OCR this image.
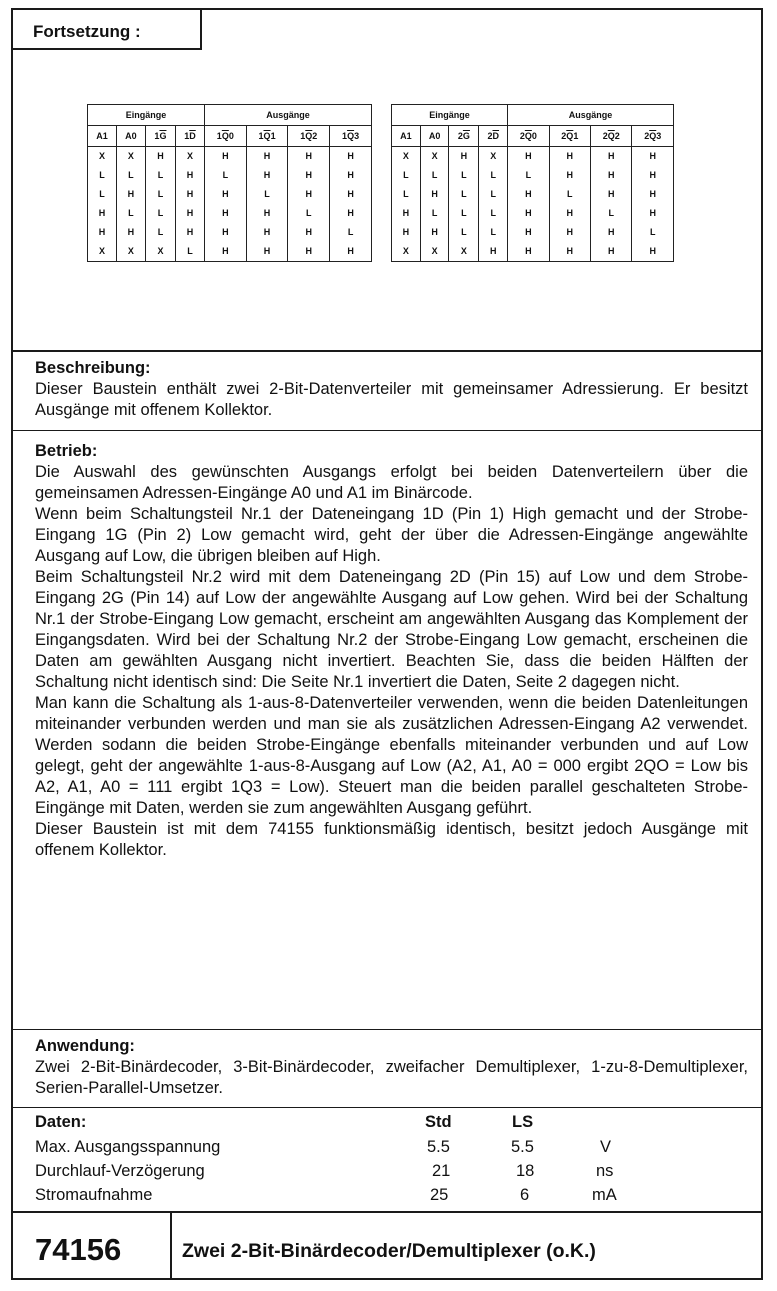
Fortsetzung :
Eingänge				Ausgänge			
A1	A0	$1\overline{G}$	$1\overline{D}$	$1\overline{Q}0$	$1\overline{Q}1$	$1\overline{Q}2$	$1\overline{Q}3$
X	X	H	X	H	H	H	H
L	L	L	H	L	H	H	H
L	H	L	H	H	L	H	H
H	L	L	H	H	H	L	H
H	H	L	H	H	H	H	L
X	X	X	L	H	H	H	H
Eingänge				Ausgänge			
A1	A0	$2\overline{G}$	$2\overline{D}$	$2\overline{Q}0$	$2\overline{Q}1$	$2\overline{Q}2$	$2\overline{Q}3$
X	X	H	X	H	H	H	H
L	L	L	L	L	H	H	H
L	H	L	L	H	L	H	H
H	L	L	L	H	H	L	H
H	H	L	L	H	H	H	L
X	X	X	H	H	H	H	H
Beschreibung:

Dieser Baustein enthält zwei 2-Bit-Datenverteiler mit gemeinsamer Adressierung. Er besitzt Ausgänge mit offenem Kollektor.

Betrieb:

Die Auswahl des gewünschten Ausgangs erfolgt bei beiden Datenverteilern über die gemeinsamen Adressen-Eingänge A0 und A1 im Binärcode.

Wenn beim Schaltungsteil Nr.1 der Dateneingang 1D (Pin 1) High gemacht und der Strobe-Eingang 1G (Pin 2) Low gemacht wird, geht der über die Adressen-Eingänge angewählte Ausgang auf Low, die übrigen bleiben auf High.

Beim Schaltungsteil Nr.2 wird mit dem Dateneingang 2D (Pin 15) auf Low und dem Strobe-Eingang 2G (Pin 14) auf Low der angewählte Ausgang auf Low gehen. Wird bei der Schaltung Nr.1 der Strobe-Eingang Low gemacht, erscheint am angewählten Ausgang das Komplement der Eingangsdaten. Wird bei der Schaltung Nr.2 der Strobe-Eingang Low gemacht, erscheinen die Daten am gewählten Ausgang nicht invertiert. Beachten Sie, dass die beiden Hälften der Schaltung nicht identisch sind: Die Seite Nr.1 invertiert die Daten, Seite 2 dagegen nicht.

Man kann die Schaltung als 1-aus-8-Datenverteiler verwenden, wenn die beiden Datenleitungen miteinander verbunden werden und man sie als zusätzlichen Adressen-Eingang A2 verwendet. Werden sodann die beiden Strobe-Eingänge ebenfalls miteinander verbunden und auf Low gelegt, geht der angewählte 1-aus-8-Ausgang auf Low (A2, A1, A0 = 000 ergibt 2QO = Low bis A2, A1, A0 = 111 ergibt 1Q3 = Low). Steuert man die beiden parallel geschalteten Strobe-Eingänge mit Daten, werden sie zum angewählten Ausgang geführt.

Dieser Baustein ist mit dem 74155 funktionsmäßig identisch, besitzt jedoch Ausgänge mit offenem Kollektor.

Anwendung:

Zwei 2-Bit-Binärdecoder, 3-Bit-Binärdecoder, zweifacher Demultiplexer, 1-zu-8-Demultiplexer, Serien-Parallel-Umsetzer.

Daten:	Std	LS
Max. Ausgangsspannung	5.5	5.5	V
Durchlauf-Verzögerung	21	18	ns
Stromaufnahme	25	6	mA
74156	Zwei 2-Bit-Binärdecoder/Demultiplexer (o.K.)
